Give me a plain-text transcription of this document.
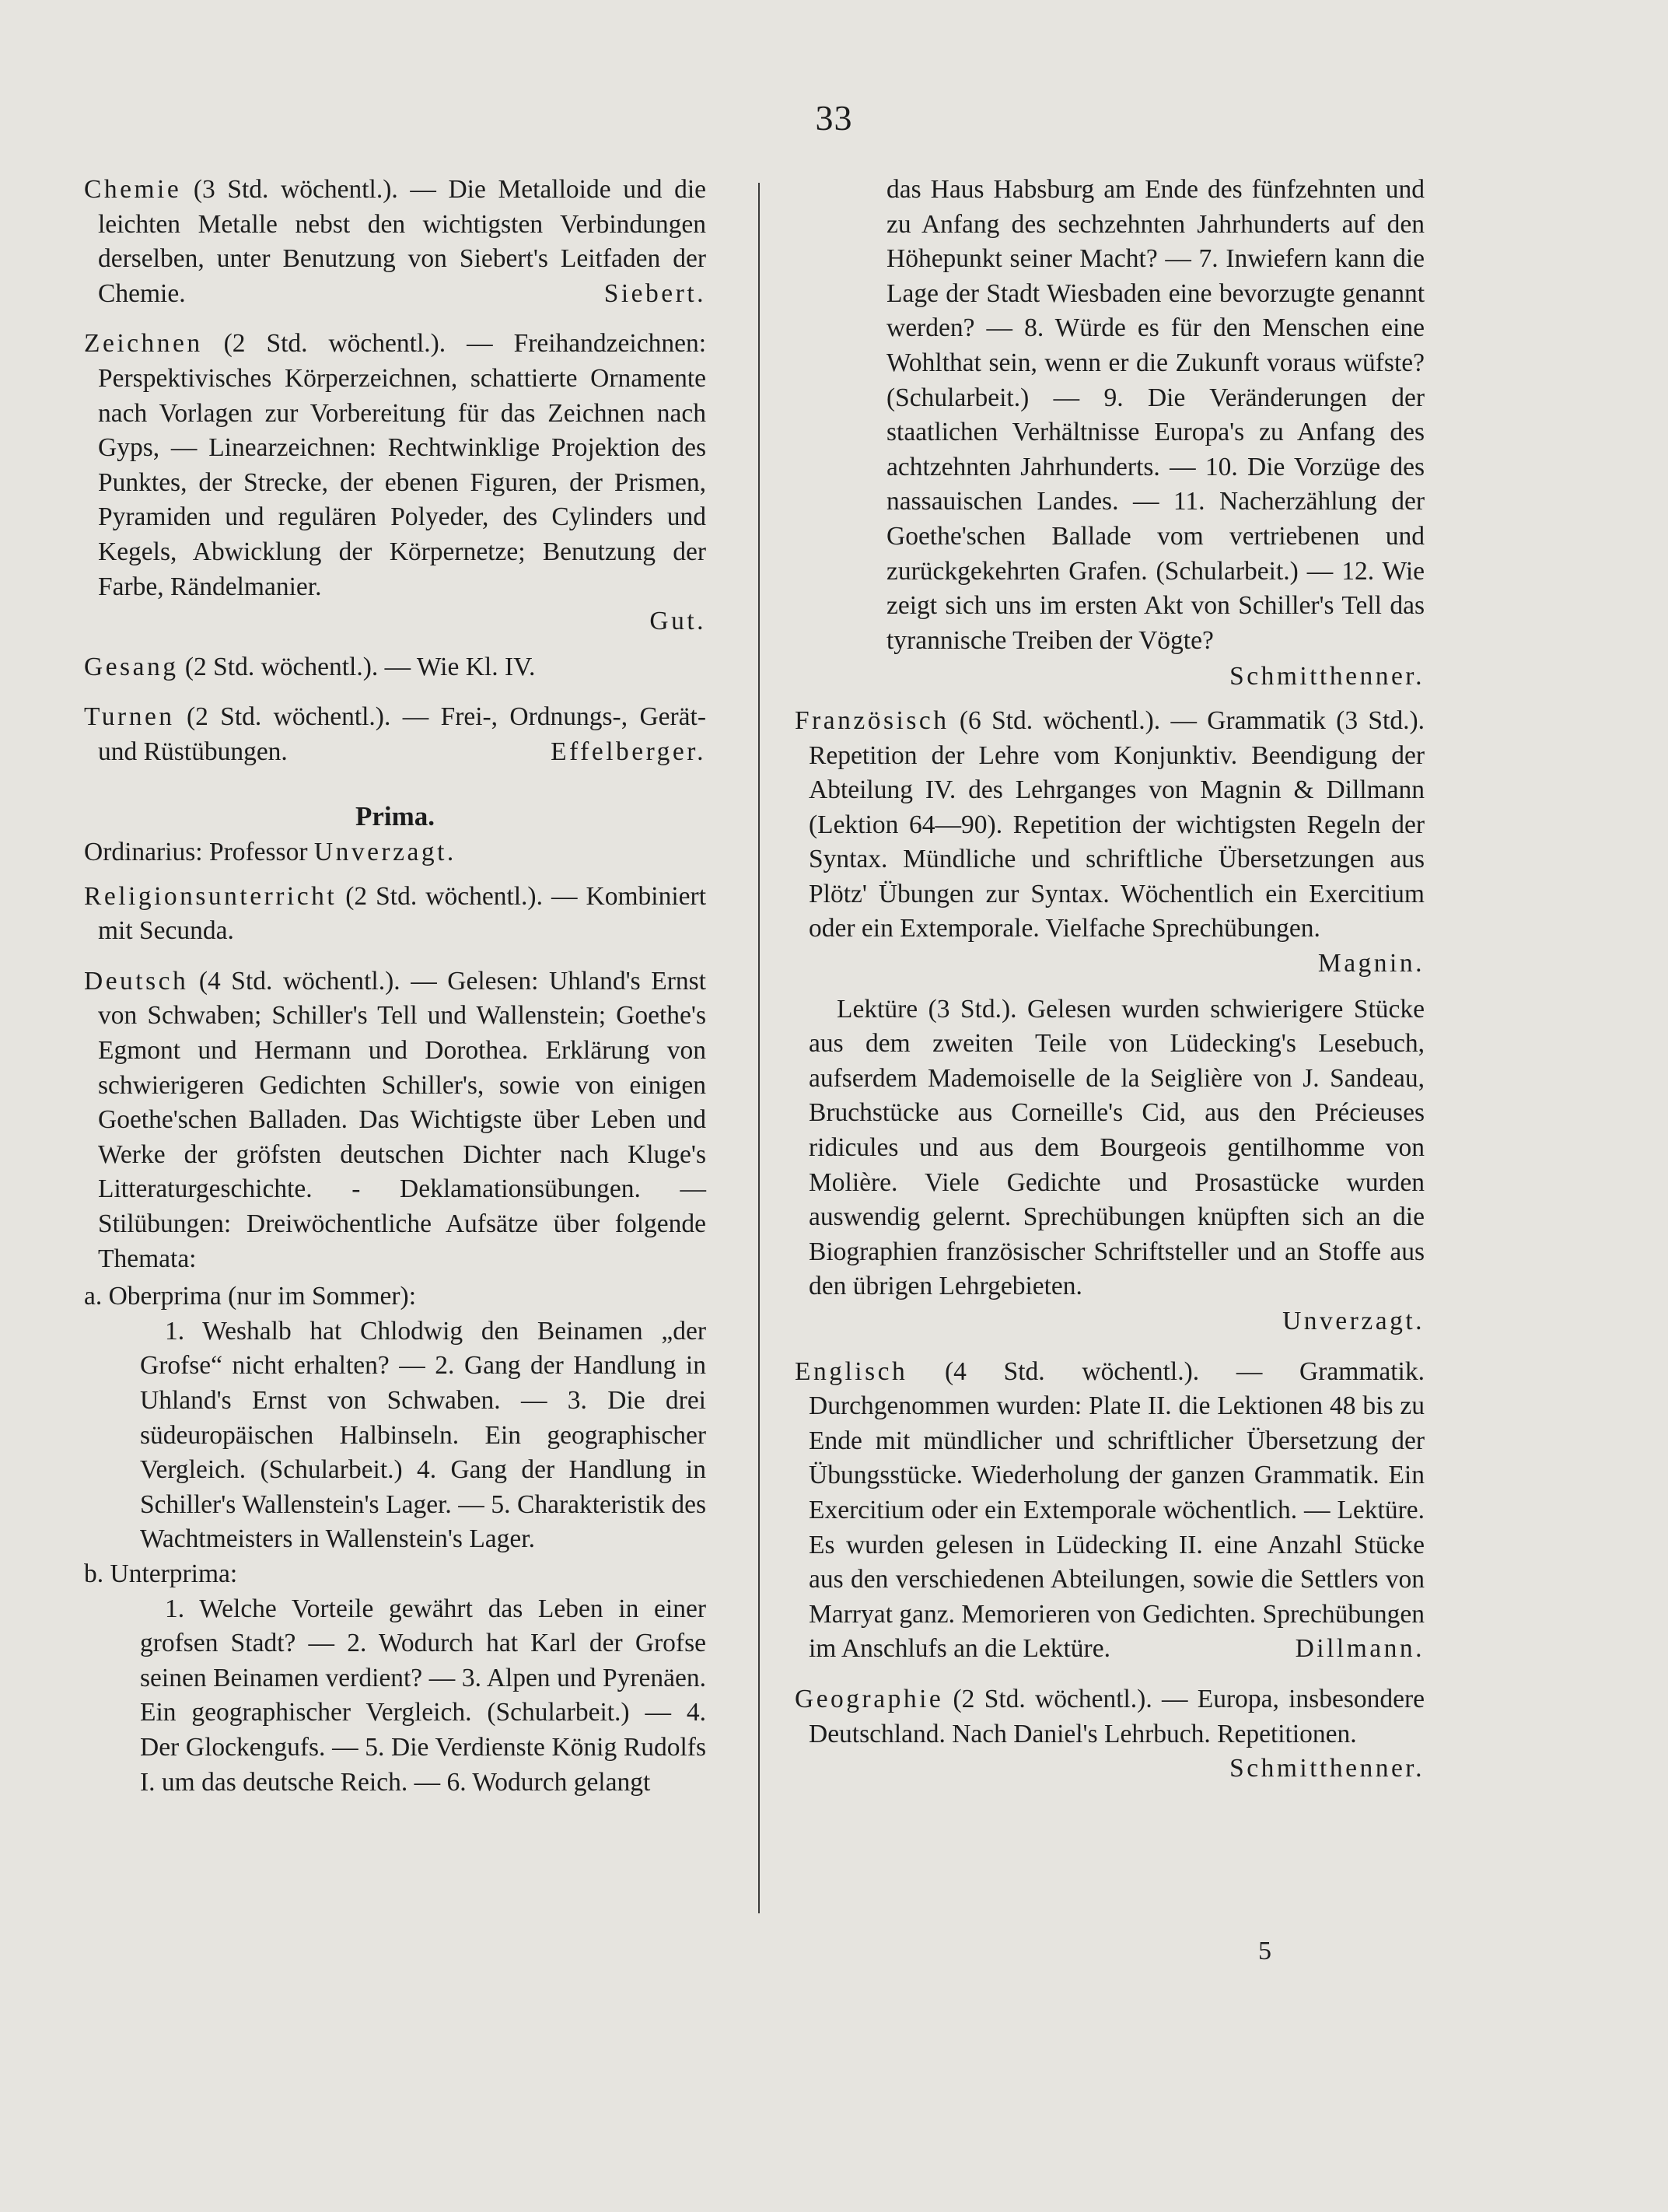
33

Chemie (3 Std. wöchentl.). — Die Metalloide und die leichten Metalle nebst den wichtigsten Verbindungen derselben, unter Benutzung von Siebert's Leitfaden der Chemie.	Siebert.

Zeichnen (2 Std. wöchentl.). — Freihandzeichnen: Perspektivisches Körperzeichnen, schattierte Ornamente nach Vorlagen zur Vorbereitung für das Zeichnen nach Gyps, — Linearzeichnen: Rechtwinklige Projektion des Punktes, der Strecke, der ebenen Figuren, der Prismen, Pyramiden und regulären Polyeder, des Cylinders und Kegels, Abwicklung der Körpernetze; Benutzung der Farbe, Rändelmanier.
Gut.

Gesang (2 Std. wöchentl.). — Wie Kl. IV.

Turnen (2 Std. wöchentl.). — Frei-, Ordnungs-, Gerät- und Rüstübungen.	Effelberger.

Prima.

Ordinarius: Professor Unverzagt.

Religionsunterricht (2 Std. wöchentl.). — Kombiniert mit Secunda.

Deutsch (4 Std. wöchentl.). — Gelesen: Uhland's Ernst von Schwaben; Schiller's Tell und Wallenstein; Goethe's Egmont und Hermann und Dorothea. Erklärung von schwierigeren Gedichten Schiller's, sowie von einigen Goethe'schen Balladen. Das Wichtigste über Leben und Werke der gröfsten deutschen Dichter nach Kluge's Litteraturgeschichte. - Deklamationsübungen. — Stilübungen: Dreiwöchentliche Aufsätze über folgende Themata:

a. Oberprima (nur im Sommer):

1. Weshalb hat Chlodwig den Beinamen „der Grofse“ nicht erhalten? — 2. Gang der Handlung in Uhland's Ernst von Schwaben. — 3. Die drei südeuropäischen Halbinseln. Ein geographischer Vergleich. (Schularbeit.) 4. Gang der Handlung in Schiller's Wallenstein's Lager. — 5. Charakteristik des Wachtmeisters in Wallenstein's Lager.

b. Unterprima:

1. Welche Vorteile gewährt das Leben in einer grofsen Stadt? — 2. Wodurch hat Karl der Grofse seinen Beinamen verdient? — 3. Alpen und Pyrenäen. Ein geographischer Vergleich. (Schularbeit.) — 4. Der Glockengufs. — 5. Die Verdienste König Rudolfs I. um das deutsche Reich. — 6. Wodurch gelangt

das Haus Habsburg am Ende des fünfzehnten und zu Anfang des sechzehnten Jahrhunderts auf den Höhepunkt seiner Macht? — 7. Inwiefern kann die Lage der Stadt Wiesbaden eine bevorzugte genannt werden? — 8. Würde es für den Menschen eine Wohlthat sein, wenn er die Zukunft voraus wüfste? (Schularbeit.) — 9. Die Veränderungen der staatlichen Verhältnisse Europa's zu Anfang des achtzehnten Jahrhunderts. — 10. Die Vorzüge des nassauischen Landes. — 11. Nacherzählung der Goethe'schen Ballade vom vertriebenen und zurückgekehrten Grafen. (Schularbeit.) — 12. Wie zeigt sich uns im ersten Akt von Schiller's Tell das tyrannische Treiben der Vögte?

Schmitthenner.

Französisch (6 Std. wöchentl.). — Grammatik (3 Std.). Repetition der Lehre vom Konjunktiv. Beendigung der Abteilung IV. des Lehrganges von Magnin & Dillmann (Lektion 64—90). Repetition der wichtigsten Regeln der Syntax. Mündliche und schriftliche Übersetzungen aus Plötz' Übungen zur Syntax. Wöchentlich ein Exercitium oder ein Extemporale. Vielfache Sprechübungen.
Magnin.

Lektüre (3 Std.). Gelesen wurden schwierigere Stücke aus dem zweiten Teile von Lüdecking's Lesebuch, aufserdem Mademoiselle de la Seiglière von J. Sandeau, Bruchstücke aus Corneille's Cid, aus den Précieuses ridicules und aus dem Bourgeois gentilhomme von Molière. Viele Gedichte und Prosastücke wurden auswendig gelernt. Sprechübungen knüpften sich an die Biographien französischer Schriftsteller und an Stoffe aus den übrigen Lehrgebieten.

Unverzagt.

Englisch (4 Std. wöchentl.). — Grammatik. Durchgenommen wurden: Plate II. die Lektionen 48 bis zu Ende mit mündlicher und schriftlicher Übersetzung der Übungsstücke. Wiederholung der ganzen Grammatik. Ein Exercitium oder ein Extemporale wöchentlich. — Lektüre. Es wurden gelesen in Lüdecking II. eine Anzahl Stücke aus den verschiedenen Abteilungen, sowie die Settlers von Marryat ganz. Memorieren von Gedichten. Sprechübungen im Anschlufs an die Lektüre.	Dillmann.

Geographie (2 Std. wöchentl.). — Europa, insbesondere Deutschland. Nach Daniel's Lehrbuch. Repetitionen.
Schmitthenner.

5
